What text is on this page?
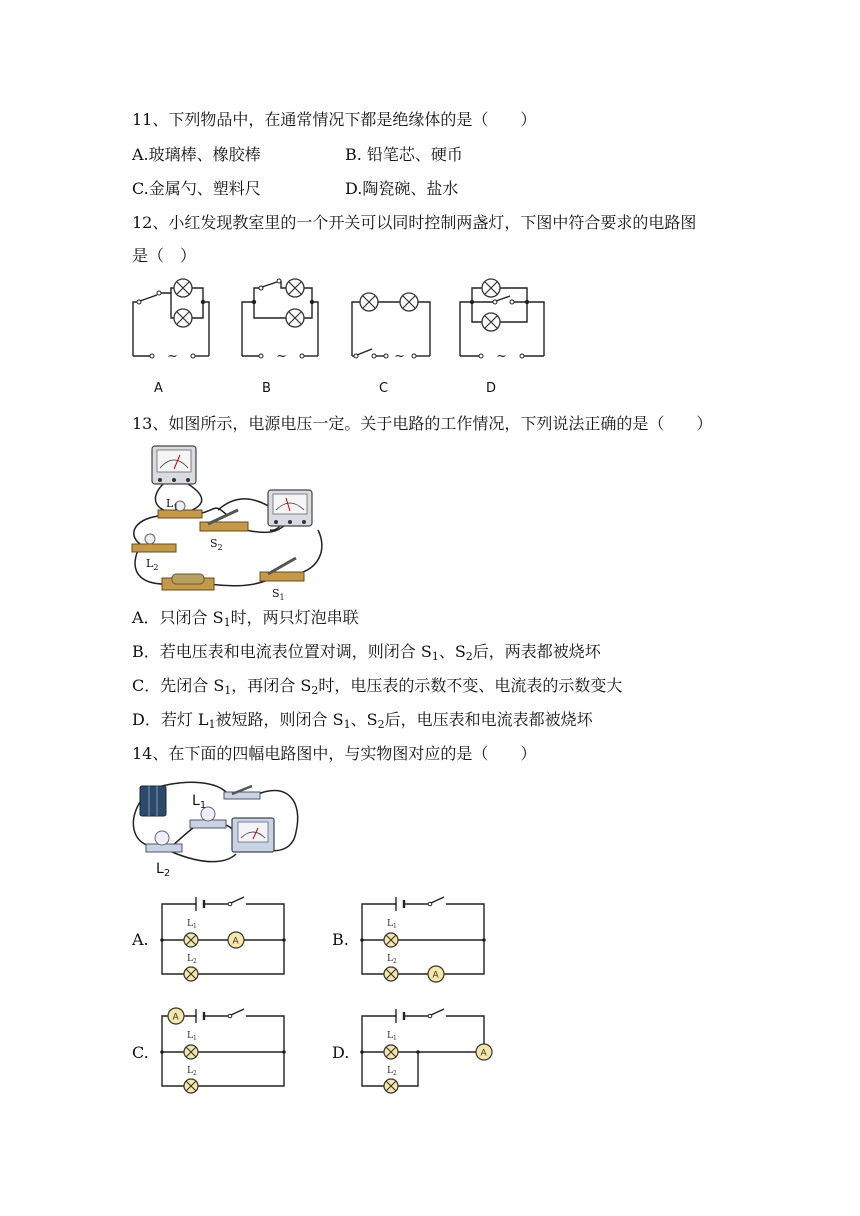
11、下列物品中，在通常情况下都是绝缘体的是（　　）
A.玻璃棒、橡胶棒	B. 铅笔芯、硬币
C.金属勺、塑料尺	D.陶瓷碗、盐水
12、小红发现教室里的一个开关可以同时控制两盏灯，下图中符合要求的电路图
是（　）
~
A
~
B
~
C
~
D
13、如图所示，电源电压一定。关于电路的工作情况，下列说法正确的是（　　）
$L_1$
$S_2$
$L_2$
$S_1$
A．只闭合 $S_1$时，两只灯泡串联
B．若电压表和电流表位置对调，则闭合 $S_1$、$S_2$后，两表都被烧坏
C．先闭合 $S_1$，再闭合 $S_2$时，电压表的示数不变、电流表的示数变大
D．若灯 $L_1$被短路，则闭合 $S_1$、$S_2$后，电压表和电流表都被烧坏
14、在下面的四幅电路图中，与实物图对应的是（　　）
$L_1$
$L_2$
A.	B.
C.	D.
A
L 1
L 2
A
L 1
L 2
A
L 1
L 2
A
L 1
L 2
